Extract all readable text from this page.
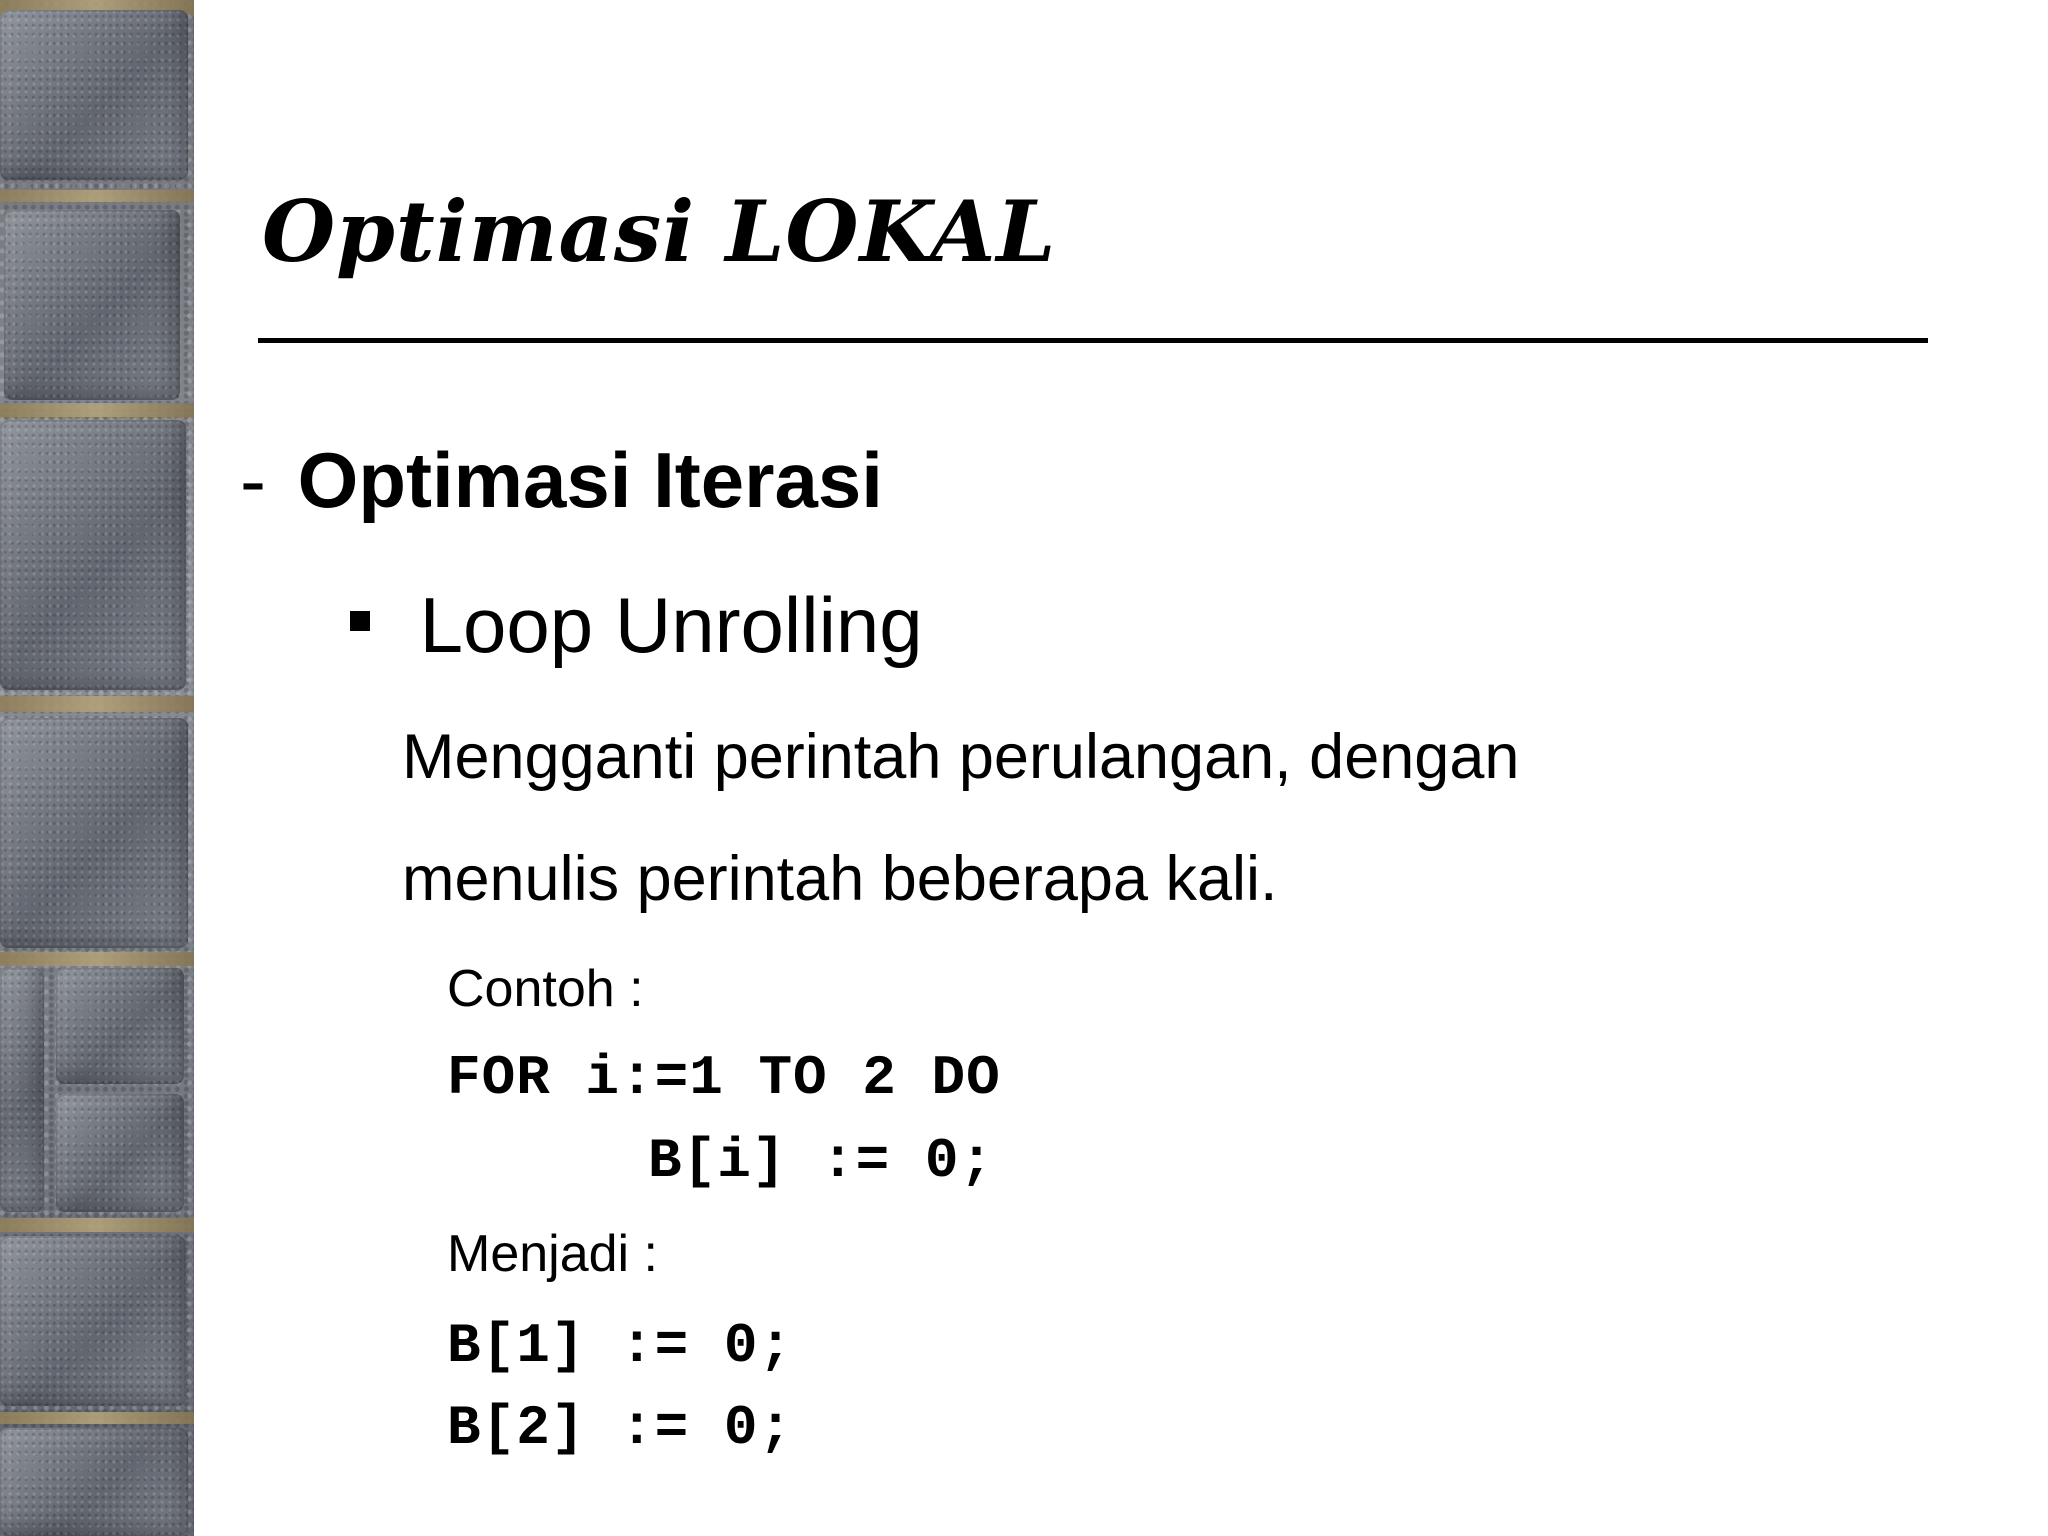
Optimasi LOKAL
- Optimasi Iterasi
Loop Unrolling
Mengganti perintah perulangan, dengan
menulis perintah beberapa kali.
Contoh :
FOR i:=1 TO 2 DO
B[i] := 0;
Menjadi :
B[1] := 0;
B[2] := 0;
